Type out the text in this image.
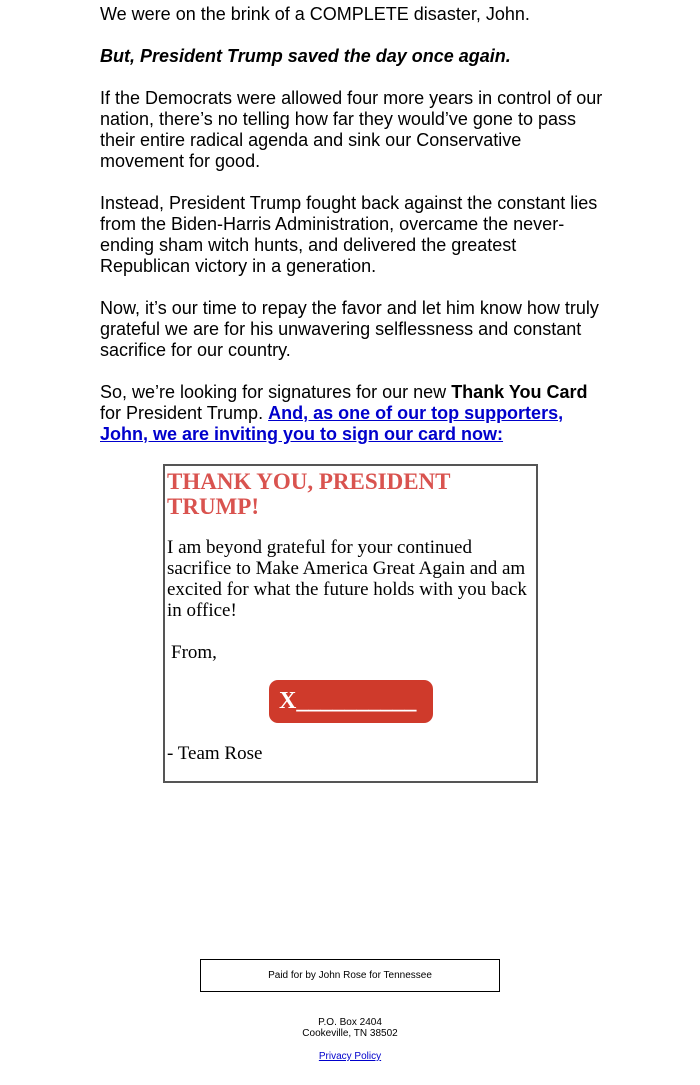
We were on the brink of a COMPLETE disaster, John.

But, President Trump saved the day once again.

If the Democrats were allowed four more years in control of our nation, there’s no telling how far they would’ve gone to pass their entire radical agenda and sink our Conservative movement for good.

Instead, President Trump fought back against the constant lies from the Biden-Harris Administration, overcame the never-ending sham witch hunts, and delivered the greatest Republican victory in a generation.

Now, it’s our time to repay the favor and let him know how truly grateful we are for his unwavering selflessness and constant sacrifice for our country.

So, we’re looking for signatures for our new Thank You Card for President Trump. And, as one of our top supporters, John, we are inviting you to sign our card now:

THANK YOU, PRESIDENT TRUMP!

I am beyond grateful for your continued sacrifice to Make America Great Again and am excited for what the future holds with you back in office!

From,

X__________

- Team Rose

Paid for by John Rose for Tennessee
P.O. Box 2404
Cookeville, TN 38502
Privacy Policy
